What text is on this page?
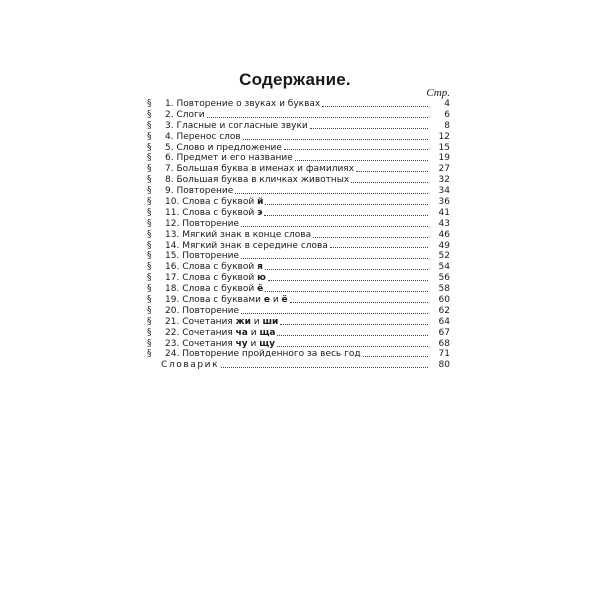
Содержание.
Стр.
§	1. Повторение о звуках и буквах	4
§	2. Слоги	6
§	3. Гласные и согласные звуки	8
§	4. Перенос слов	12
§	5. Слово и предложение	15
§	6. Предмет и его название	19
§	7. Большая буква в именах и фамилиях	27
§	8. Большая буква в кличках животных	32
§	9. Повторение	34
§	10. Слова с буквой й	36
§	11. Слова с буквой э	41
§	12. Повторение	43
§	13. Мягкий знак в конце слова	46
§	14. Мягкий знак в середине слова	49
§	15. Повторение	52
§	16. Слова с буквой я	54
§	17. Слова с буквой ю	56
§	18. Слова с буквой ё	58
§	19. Слова с буквами е и ё	60
§	20. Повторение	62
§	21. Сочетания жи и ши	64
§	22. Сочетания ча и ща	67
§	23. Сочетания чу и щу	68
§	24. Повторение пройденного за весь год	71
Словарик	80
